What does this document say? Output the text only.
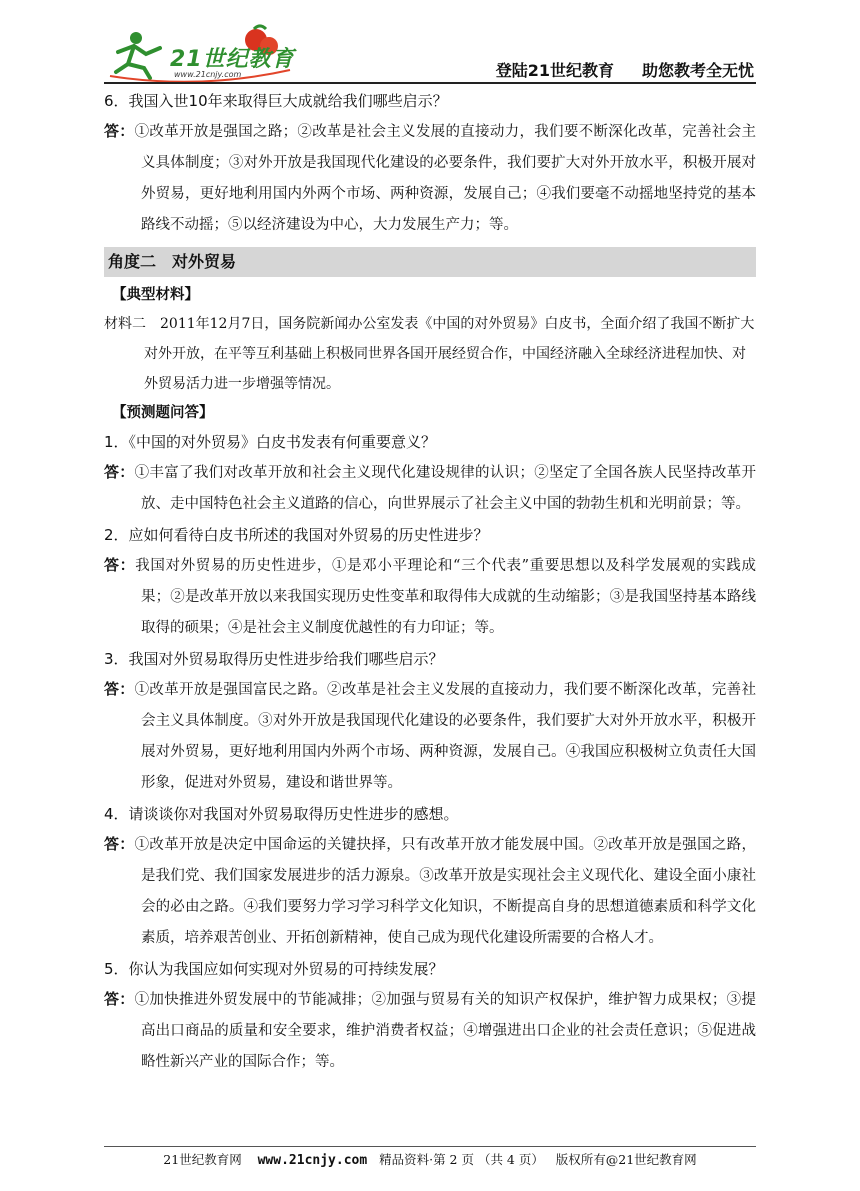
21世纪教育
www.21cnjy.com	登陆21世纪教育 助您教考全无忧

6．我国入世10年来取得巨大成就给我们哪些启示？

答：①改革开放是强国之路；②改革是社会主义发展的直接动力，我们要不断深化改革，完善社会主义具体制度；③对外开放是我国现代化建设的必要条件，我们要扩大对外开放水平，积极开展对外贸易，更好地利用国内外两个市场、两种资源，发展自己；④我们要毫不动摇地坚持党的基本路线不动摇；⑤以经济建设为中心，大力发展生产力；等。

角度二　对外贸易

【典型材料】

材料二　2011年12月7日，国务院新闻办公室发表《中国的对外贸易》白皮书，全面介绍了我国不断扩大对外开放，在平等互利基础上积极同世界各国开展经贸合作，中国经济融入全球经济进程加快、对外贸易活力进一步增强等情况。

【预测题问答】

1．《中国的对外贸易》白皮书发表有何重要意义？

答：①丰富了我们对改革开放和社会主义现代化建设规律的认识；②坚定了全国各族人民坚持改革开放、走中国特色社会主义道路的信心，向世界展示了社会主义中国的勃勃生机和光明前景；等。

2．应如何看待白皮书所述的我国对外贸易的历史性进步？

答：我国对外贸易的历史性进步，①是邓小平理论和“三个代表”重要思想以及科学发展观的实践成果；②是改革开放以来我国实现历史性变革和取得伟大成就的生动缩影；③是我国坚持基本路线取得的硕果；④是社会主义制度优越性的有力印证；等。

3．我国对外贸易取得历史性进步给我们哪些启示？

答：①改革开放是强国富民之路。②改革是社会主义发展的直接动力，我们要不断深化改革，完善社会主义具体制度。③对外开放是我国现代化建设的必要条件，我们要扩大对外开放水平，积极开展对外贸易，更好地利用国内外两个市场、两种资源，发展自己。④我国应积极树立负责任大国形象，促进对外贸易，建设和谐世界等。

4．请谈谈你对我国对外贸易取得历史性进步的感想。

答：①改革开放是决定中国命运的关键抉择，只有改革开放才能发展中国。②改革开放是强国之路，是我们党、我们国家发展进步的活力源泉。③改革开放是实现社会主义现代化、建设全面小康社会的必由之路。④我们要努力学习学习科学文化知识，不断提高自身的思想道德素质和科学文化素质，培养艰苦创业、开拓创新精神，使自己成为现代化建设所需要的合格人才。

5．你认为我国应如何实现对外贸易的可持续发展？

答：①加快推进外贸发展中的节能减排；②加强与贸易有关的知识产权保护，维护智力成果权；③提高出口商品的质量和安全要求，维护消费者权益；④增强进出口企业的社会责任意识；⑤促进战略性新兴产业的国际合作；等。

21世纪教育网 www.21cnjy.com 精品资料·第 2 页 （共 4 页） 版权所有@21世纪教育网
